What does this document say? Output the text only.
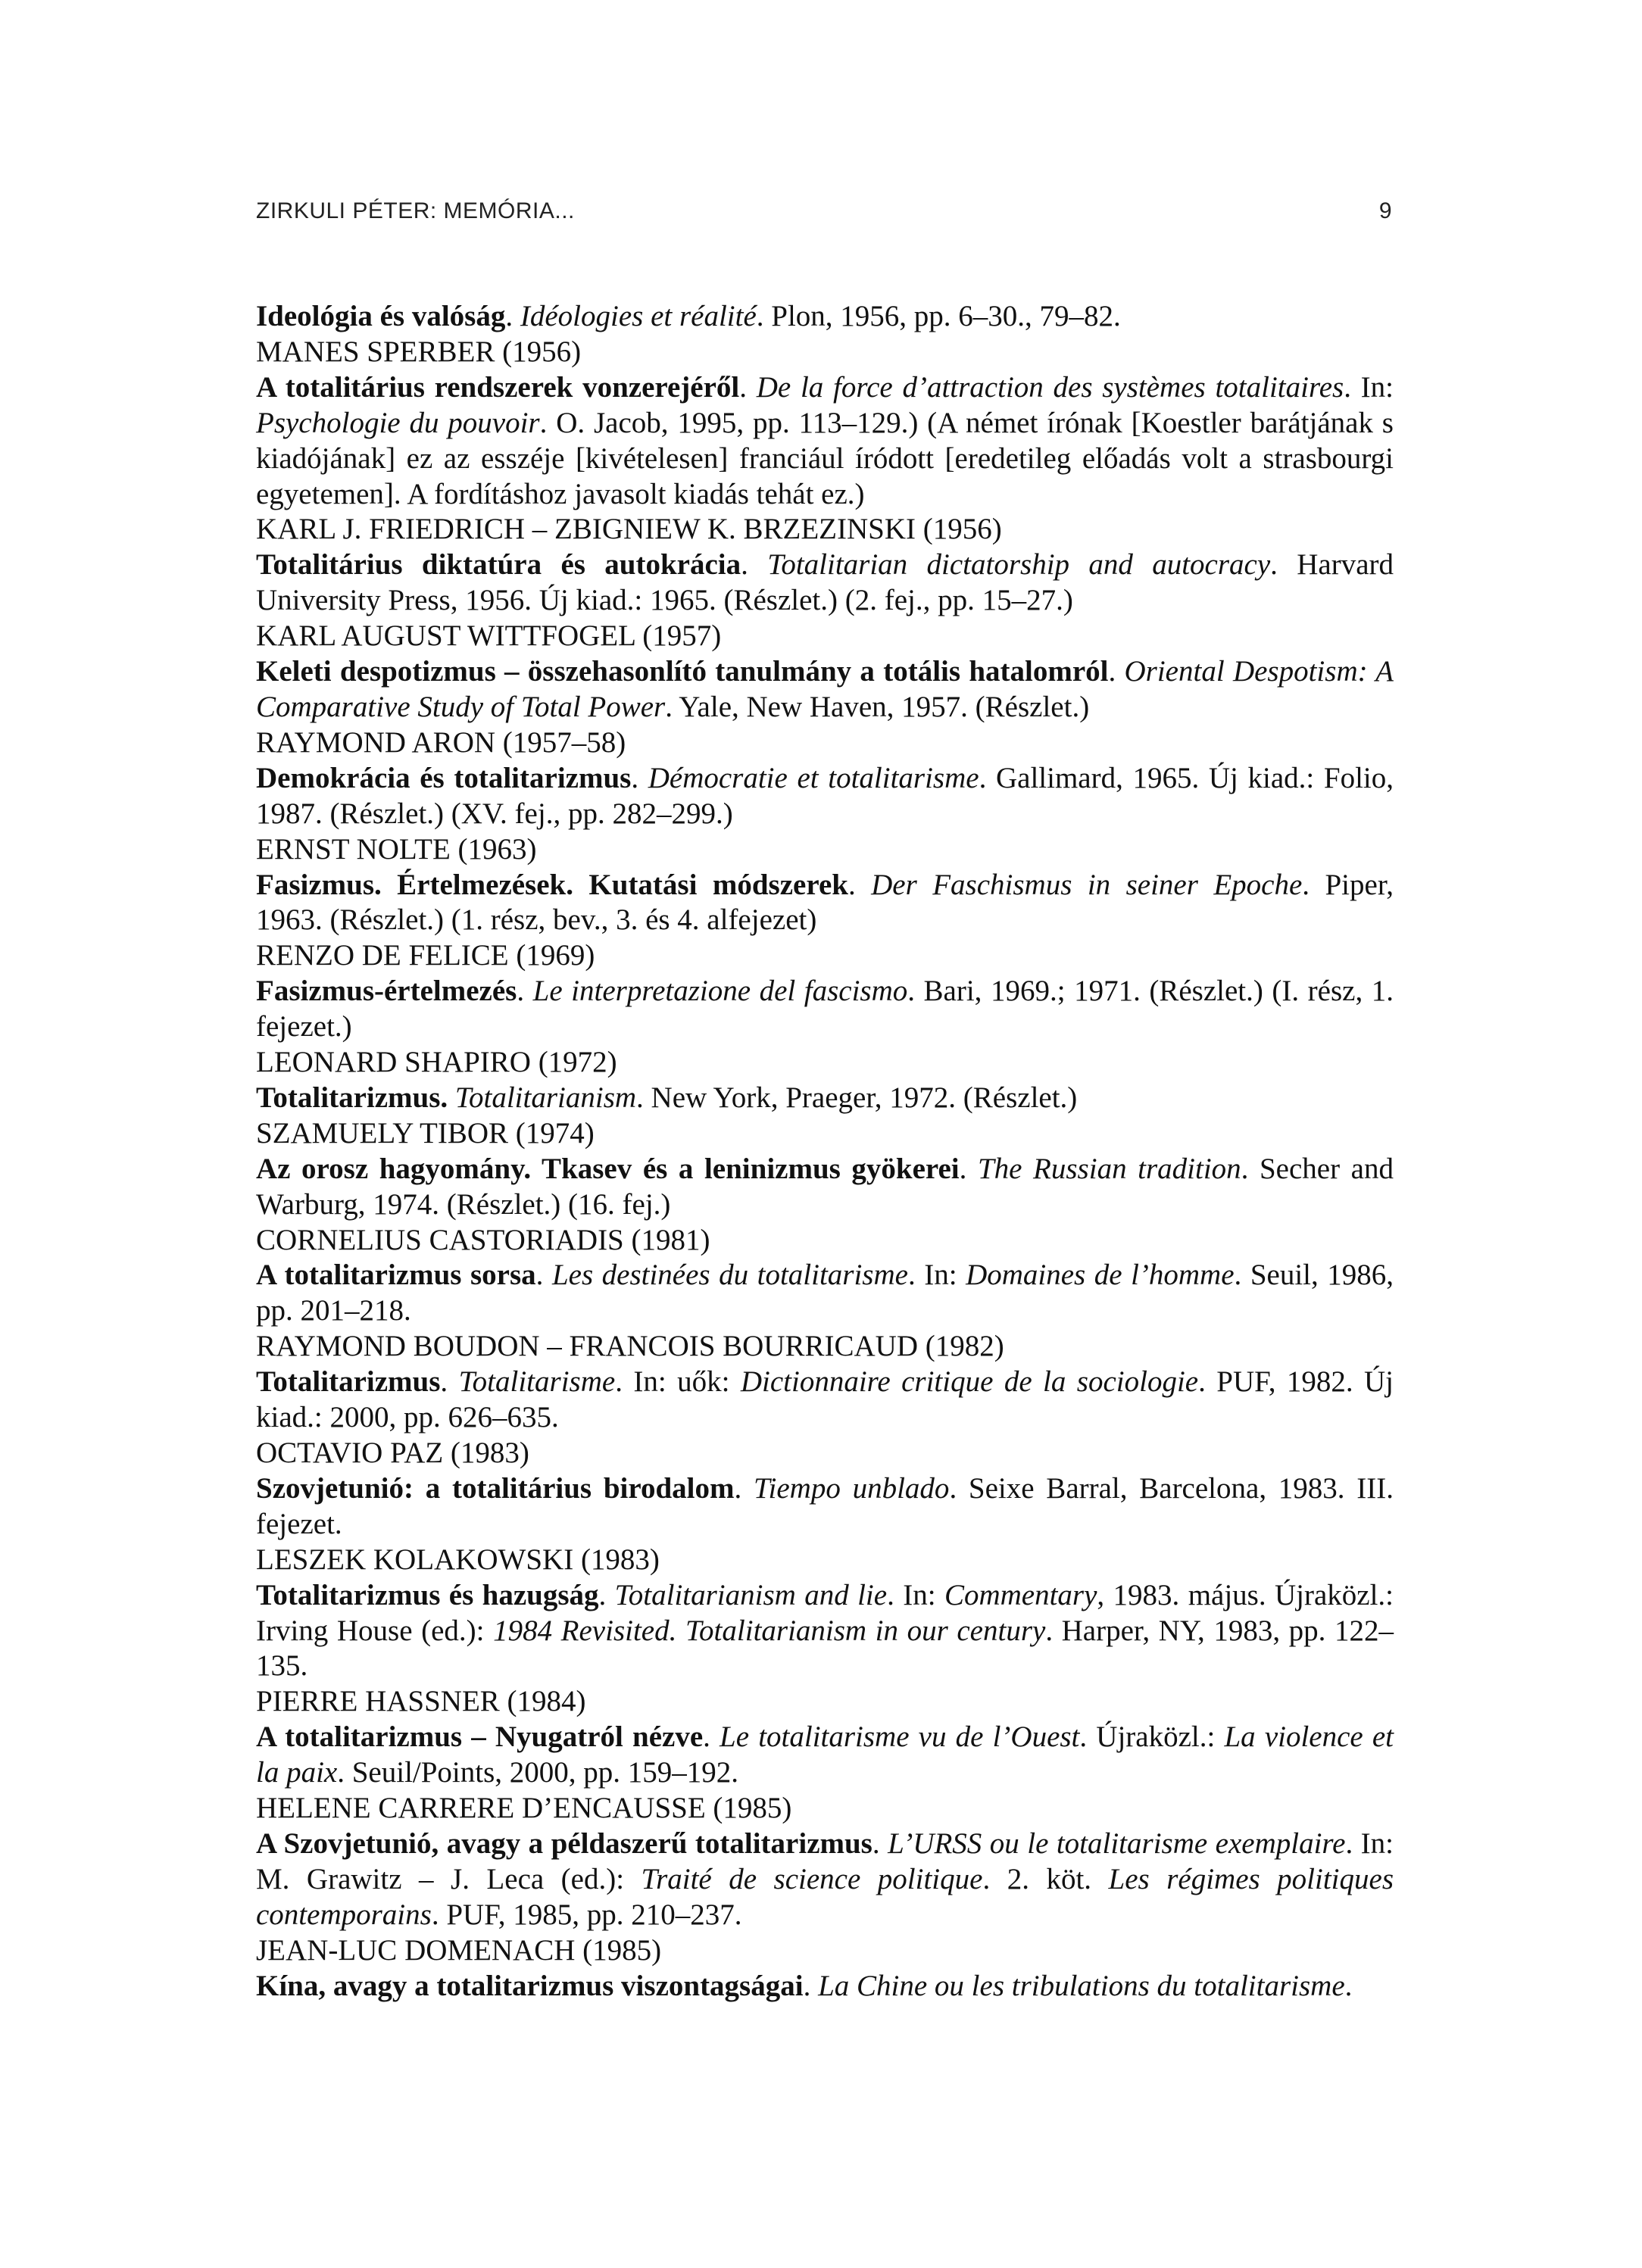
ZIRKULI PÉTER: MEMÓRIA...	9
Ideológia és valóság. Idéologies et réalité. Plon, 1956, pp. 6–30., 79–82.
MANES SPERBER (1956)
A totalitárius rendszerek vonzerejéről. De la force d’attraction des systèmes totalitaires. In: Psychologie du pouvoir. O. Jacob, 1995, pp. 113–129.) (A német írónak [Koestler barátjának s kiadójának] ez az esszéje [kivételesen] franciául íródott [eredetileg előadás volt a strasbourgi egyetemen]. A fordításhoz javasolt kiadás tehát ez.)
KARL J. FRIEDRICH – ZBIGNIEW K. BRZEZINSKI (1956)
Totalitárius diktatúra és autokrácia. Totalitarian dictatorship and autocracy. Harvard University Press, 1956. Új kiad.: 1965. (Részlet.) (2. fej., pp. 15–27.)
KARL AUGUST WITTFOGEL (1957)
Keleti despotizmus – összehasonlító tanulmány a totális hatalomról. Oriental Despotism: A Comparative Study of Total Power. Yale, New Haven, 1957. (Részlet.)
RAYMOND ARON (1957–58)
Demokrácia és totalitarizmus. Démocratie et totalitarisme. Gallimard, 1965. Új kiad.: Folio, 1987. (Részlet.) (XV. fej., pp. 282–299.)
ERNST NOLTE (1963)
Fasizmus. Értelmezések. Kutatási módszerek. Der Faschismus in seiner Epoche. Piper, 1963. (Részlet.) (1. rész, bev., 3. és 4. alfejezet)
RENZO DE FELICE (1969)
Fasizmus-értelmezés. Le interpretazione del fascismo. Bari, 1969.; 1971. (Részlet.) (I. rész, 1. fejezet.)
LEONARD SHAPIRO (1972)
Totalitarizmus. Totalitarianism. New York, Praeger, 1972. (Részlet.)
SZAMUELY TIBOR (1974)
Az orosz hagyomány. Tkasev és a leninizmus gyökerei. The Russian tradition. Secher and Warburg, 1974. (Részlet.) (16. fej.)
CORNELIUS CASTORIADIS (1981)
A totalitarizmus sorsa. Les destinées du totalitarisme. In: Domaines de l’homme. Seuil, 1986, pp. 201–218.
RAYMOND BOUDON – FRANCOIS BOURRICAUD (1982)
Totalitarizmus. Totalitarisme. In: uők: Dictionnaire critique de la sociologie. PUF, 1982. Új kiad.: 2000, pp. 626–635.
OCTAVIO PAZ (1983)
Szovjetunió: a totalitárius birodalom. Tiempo unblado. Seixe Barral, Barcelona, 1983. III. fejezet.
LESZEK KOLAKOWSKI (1983)
Totalitarizmus és hazugság. Totalitarianism and lie. In: Commentary, 1983. május. Újraközl.: Irving House (ed.): 1984 Revisited. Totalitarianism in our century. Harper, NY, 1983, pp. 122–135.
PIERRE HASSNER (1984)
A totalitarizmus – Nyugatról nézve. Le totalitarisme vu de l’Ouest. Újraközl.: La violence et la paix. Seuil/Points, 2000, pp. 159–192.
HELENE CARRERE D’ENCAUSSE (1985)
A Szovjetunió, avagy a példaszerű totalitarizmus. L’URSS ou le totalitarisme exemplaire. In: M. Grawitz – J. Leca (ed.): Traité de science politique. 2. köt. Les régimes politiques contemporains. PUF, 1985, pp. 210–237.
JEAN-LUC DOMENACH (1985)
Kína, avagy a totalitarizmus viszontagságai. La Chine ou les tribulations du totalitarisme.
